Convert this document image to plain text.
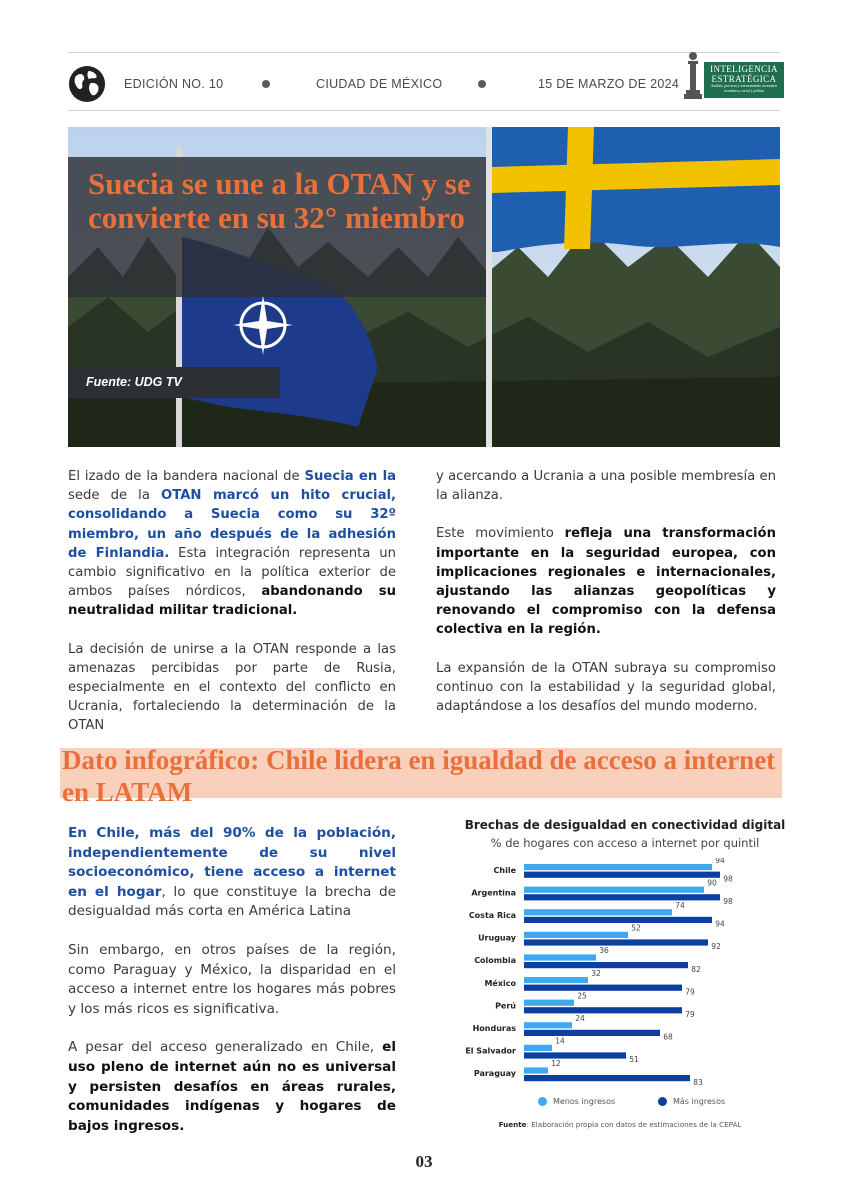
EDICIÓN NO. 10	CIUDAD DE MÉXICO	15 DE MARZO DE 2024
INTELIGENCIA
ESTRATÉGICA
Análisis, procesos y asesoramiento en materia económica, social y política
Suecia se une a la OTAN y se convierte en su 32° miembro
Fuente: UDG TV

El izado de la bandera nacional de Suecia en la sede de la OTAN marcó un hito crucial, consolidando a Suecia como su 32º miembro, un año después de la adhesión de Finlandia. Esta integración representa un cambio significativo en la política exterior de ambos países nórdicos, abandonando su neutralidad militar tradicional.

La decisión de unirse a la OTAN responde a las amenazas percibidas por parte de Rusia, especialmente en el contexto del conflicto en Ucrania, fortaleciendo la determinación de la OTAN

y acercando a Ucrania a una posible membresía en la alianza.

Este movimiento refleja una transformación importante en la seguridad europea, con implicaciones regionales e internacionales, ajustando las alianzas geopolíticas y renovando el compromiso con la defensa colectiva en la región.

La expansión de la OTAN subraya su compromiso continuo con la estabilidad y la seguridad global, adaptándose a los desafíos del mundo moderno.

Dato infográfico: Chile lidera en igualdad de acceso a internet en LATAM

En Chile, más del 90% de la población, independientemente de su nivel socioeconómico, tiene acceso a internet en el hogar, lo que constituye la brecha de desigualdad más corta en América Latina

Sin embargo, en otros países de la región, como Paraguay y México, la disparidad en el acceso a internet entre los hogares más pobres y los más ricos es significativa.

A pesar del acceso generalizado en Chile, el uso pleno de internet aún no es universal y persisten desafíos en áreas rurales, comunidades indígenas y hogares de bajos ingresos.

Brechas de desigualdad en conectividad digital
% de hogares con acceso a internet por quintil
Chile
94
98
Argentina
90
98
Costa Rica
74
94
Uruguay
52
92
Colombia
36
82
México
32
79
Perú
25
79
Honduras
24
68
El Salvador
14
51
Paraguay
12
83
Menos ingresos	Más ingresos
Fuente: Elaboración propia con datos de estimaciones de la CEPAL
03
